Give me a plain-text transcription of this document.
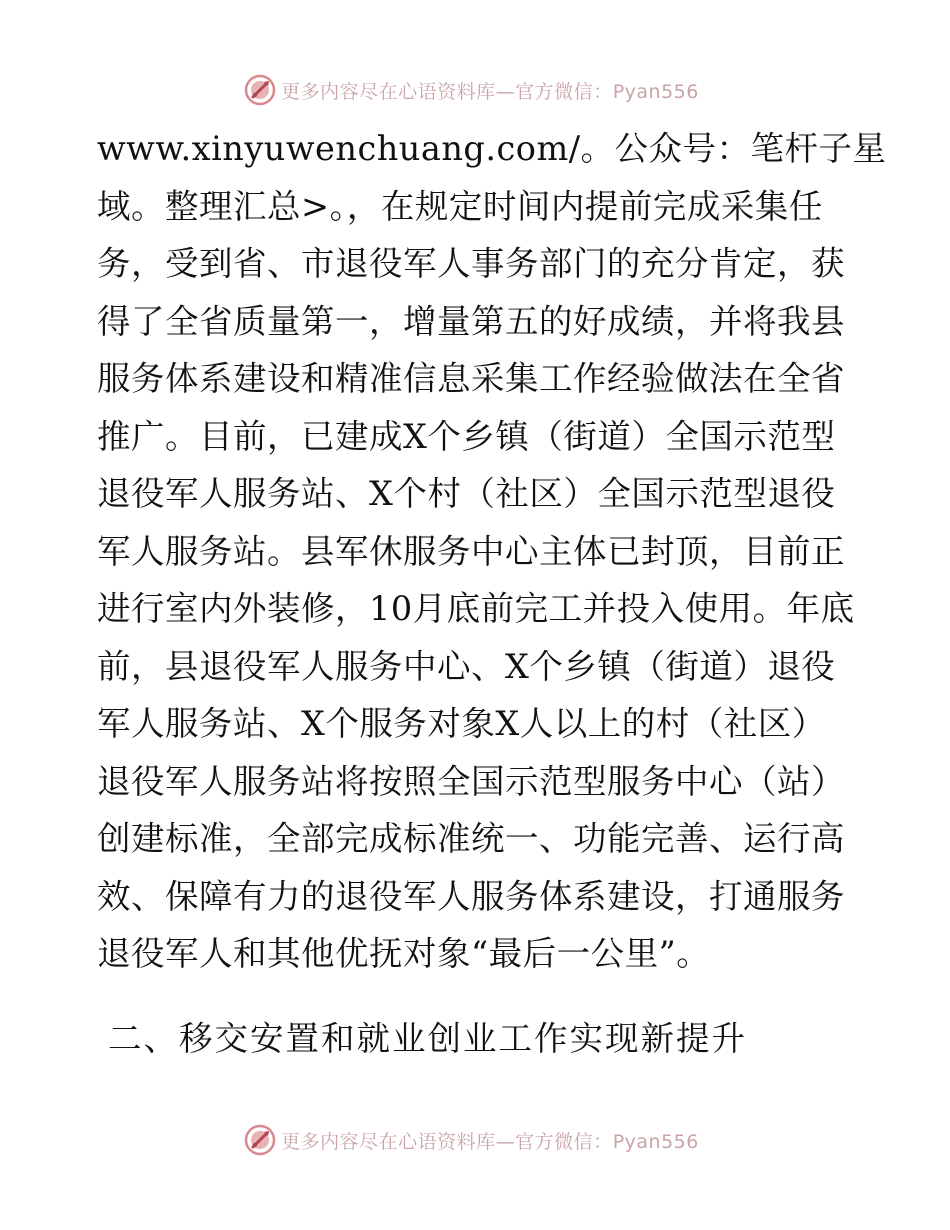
更多内容尽在心语资料库—官方微信：Pyan556
www.xinyuwenchuang.com/。公众号：笔杆子星
域。整理汇总>。，在规定时间内提前完成采集任
务，受到省、市退役军人事务部门的充分肯定，获
得了全省质量第一，增量第五的好成绩，并将我县
服务体系建设和精准信息采集工作经验做法在全省
推广。目前，已建成X个乡镇（街道）全国示范型
退役军人服务站、X个村（社区）全国示范型退役
军人服务站。县军休服务中心主体已封顶，目前正
进行室内外装修，10月底前完工并投入使用。年底
前，县退役军人服务中心、X个乡镇（街道）退役
军人服务站、X个服务对象X人以上的村（社区）
退役军人服务站将按照全国示范型服务中心（站）
创建标准，全部完成标准统一、功能完善、运行高
效、保障有力的退役军人服务体系建设，打通服务
退役军人和其他优抚对象“最后一公里”。
二、移交安置和就业创业工作实现新提升
更多内容尽在心语资料库—官方微信：Pyan556
